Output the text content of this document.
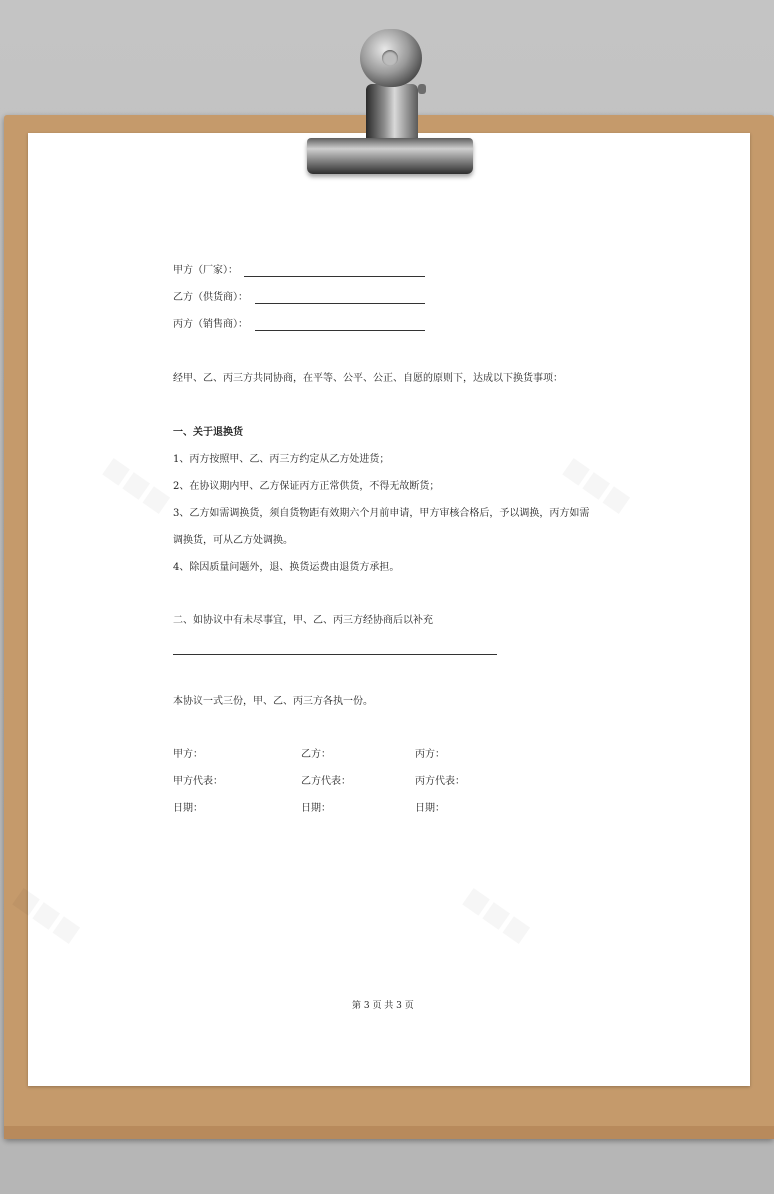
甲方（厂家）：
乙方（供货商）：
丙方（销售商）：
经甲、乙、丙三方共同协商，在平等、公平、公正、自愿的原则下，达成以下换货事项：
一、关于退换货
1、丙方按照甲、乙、丙三方约定从乙方处进货；
2、在协议期内甲、乙方保证丙方正常供货，不得无故断货；
3、乙方如需调换货，须自货物距有效期六个月前申请，甲方审核合格后，予以调换，丙方如需
调换货，可从乙方处调换。
4、除因质量问题外，退、换货运费由退货方承担。
二、如协议中有未尽事宜，甲、乙、丙三方经协商后以补充
本协议一式三份，甲、乙、丙三方各执一份。
甲方：	乙方：	丙方：
甲方代表：	乙方代表：	丙方代表：
日期：	日期：	日期：
第 3 页 共 3 页
